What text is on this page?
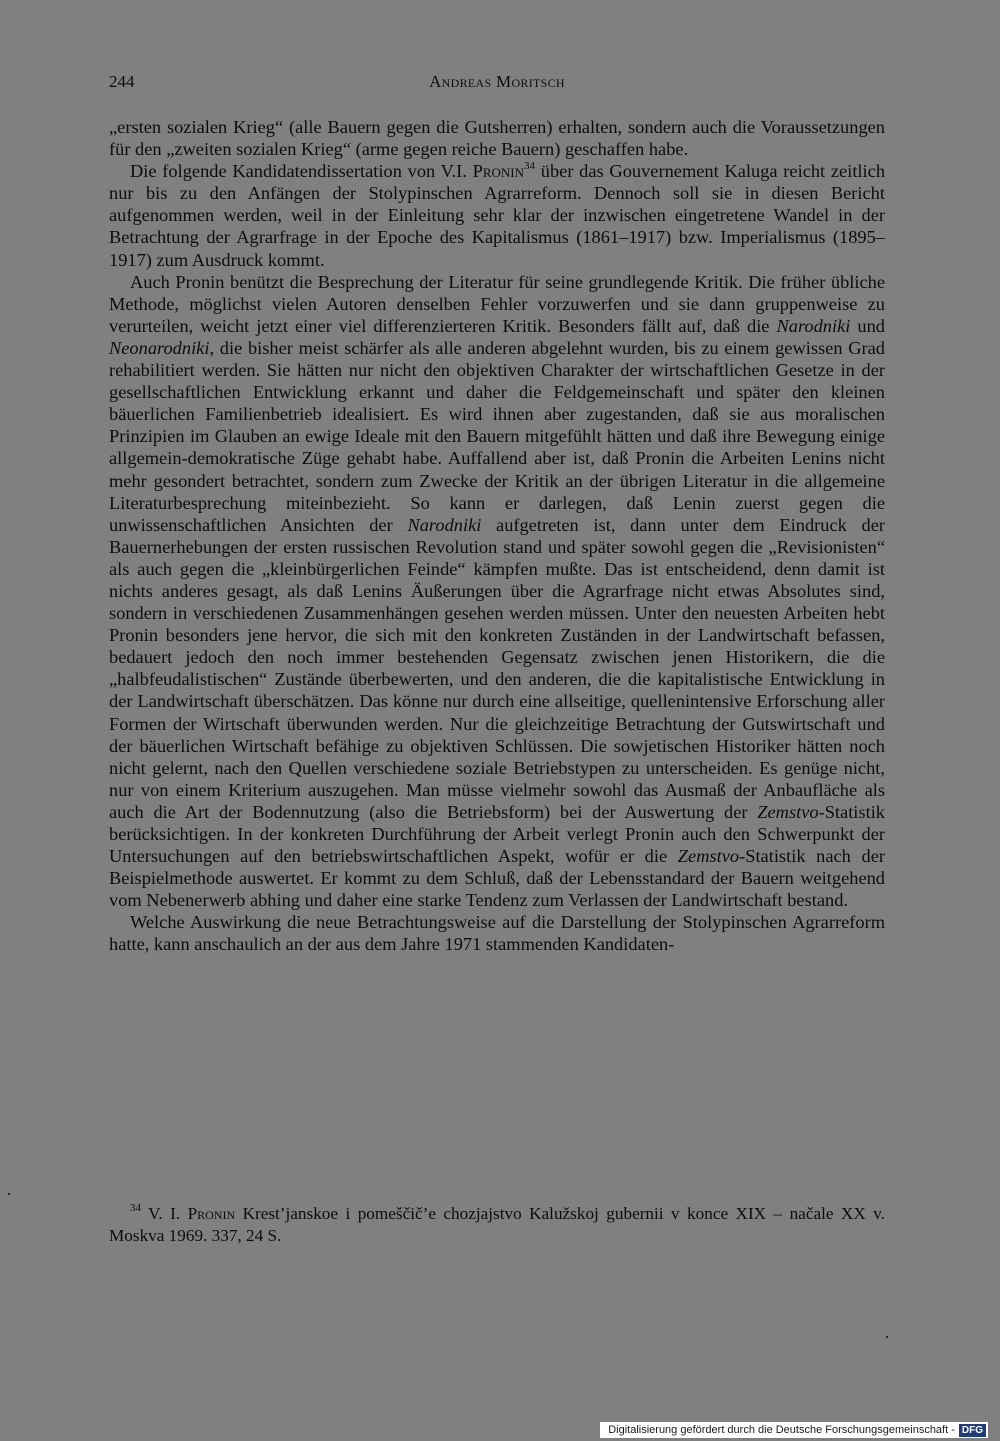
244	Andreas Moritsch

„ersten sozialen Krieg“ (alle Bauern gegen die Gutsherren) erhalten, sondern auch die Voraussetzungen für den „zweiten sozialen Krieg“ (arme gegen reiche Bauern) geschaffen habe.

Die folgende Kandidatendissertation von V.I. Pronin$^{34}$ über das Gouvernement Kaluga reicht zeitlich nur bis zu den Anfängen der Stolypinschen Agrarreform. Dennoch soll sie in diesen Bericht aufgenommen werden, weil in der Einleitung sehr klar der inzwischen eingetretene Wandel in der Betrachtung der Agrarfrage in der Epoche des Kapitalismus (1861–1917) bzw. Imperialismus (1895–1917) zum Ausdruck kommt.

Auch Pronin benützt die Besprechung der Literatur für seine grundlegende Kritik. Die früher übliche Methode, möglichst vielen Autoren denselben Fehler vorzuwerfen und sie dann gruppenweise zu verurteilen, weicht jetzt einer viel differenzierteren Kritik. Besonders fällt auf, daß die Narodniki und Neonarodniki, die bisher meist schärfer als alle anderen abgelehnt wurden, bis zu einem gewissen Grad rehabilitiert werden. Sie hätten nur nicht den objektiven Charakter der wirtschaftlichen Gesetze in der gesellschaftlichen Entwicklung erkannt und daher die Feldgemeinschaft und später den kleinen bäuerlichen Familienbetrieb idealisiert. Es wird ihnen aber zugestanden, daß sie aus moralischen Prinzipien im Glauben an ewige Ideale mit den Bauern mitgefühlt hätten und daß ihre Bewegung einige allgemein-demokratische Züge gehabt habe. Auffallend aber ist, daß Pronin die Arbeiten Lenins nicht mehr gesondert betrachtet, sondern zum Zwecke der Kritik an der übrigen Literatur in die allgemeine Literaturbesprechung miteinbezieht. So kann er darlegen, daß Lenin zuerst gegen die unwissenschaftlichen Ansichten der Narodniki aufgetreten ist, dann unter dem Eindruck der Bauernerhebungen der ersten russischen Revolution stand und später sowohl gegen die „Revisionisten“ als auch gegen die „kleinbürgerlichen Feinde“ kämpfen mußte. Das ist entscheidend, denn damit ist nichts anderes gesagt, als daß Lenins Äußerungen über die Agrarfrage nicht etwas Absolutes sind, sondern in verschiedenen Zusammenhängen gesehen werden müssen. Unter den neuesten Arbeiten hebt Pronin besonders jene hervor, die sich mit den konkreten Zuständen in der Landwirtschaft befassen, bedauert jedoch den noch immer bestehenden Gegensatz zwischen jenen Historikern, die die „halbfeudalistischen“ Zustände überbewerten, und den anderen, die die kapitalistische Entwicklung in der Landwirtschaft überschätzen. Das könne nur durch eine allseitige, quellenintensive Erforschung aller Formen der Wirtschaft überwunden werden. Nur die gleichzeitige Betrachtung der Gutswirtschaft und der bäuerlichen Wirtschaft befähige zu objektiven Schlüssen. Die sowjetischen Historiker hätten noch nicht gelernt, nach den Quellen verschiedene soziale Betriebstypen zu unterscheiden. Es genüge nicht, nur von einem Kriterium auszugehen. Man müsse vielmehr sowohl das Ausmaß der Anbaufläche als auch die Art der Bodennutzung (also die Betriebsform) bei der Auswertung der Zemstvo-Statistik berücksichtigen. In der konkreten Durchführung der Arbeit verlegt Pronin auch den Schwerpunkt der Untersuchungen auf den betriebswirtschaftlichen Aspekt, wofür er die Zemstvo-Statistik nach der Beispielmethode auswertet. Er kommt zu dem Schluß, daß der Lebensstandard der Bauern weitgehend vom Nebenerwerb abhing und daher eine starke Tendenz zum Verlassen der Landwirtschaft bestand.

Welche Auswirkung die neue Betrachtungsweise auf die Darstellung der Stolypinschen Agrarreform hatte, kann anschaulich an der aus dem Jahre 1971 stammenden Kandidaten-

$^{34}$ V. I. Pronin Krest’janskoe i pomeščič’e chozjajstvo Kalužskoj gubernii v konce XIX – načale XX v. Moskva 1969. 337, 24 S.

Digitalisierung gefördert durch die Deutsche Forschungsgemeinschaft - DFG
